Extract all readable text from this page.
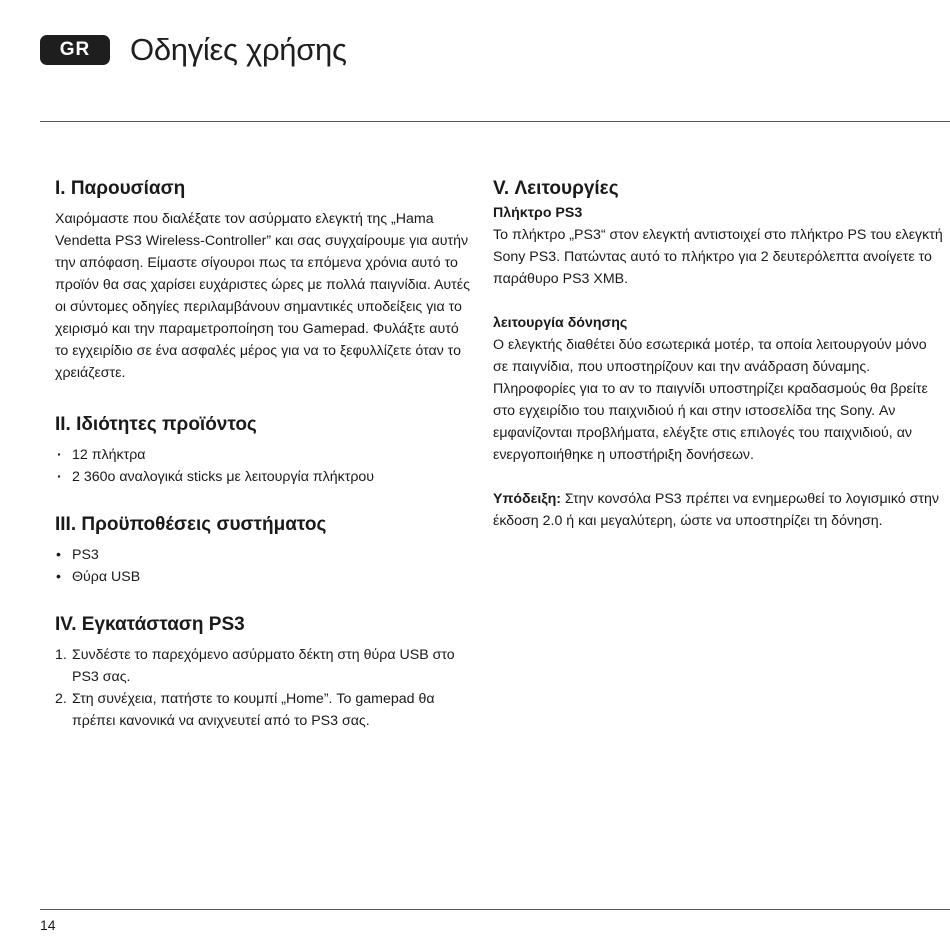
GR	Οδηγίες χρήσης
I. Παρουσίαση

Χαιρόμαστε που διαλέξατε τον ασύρματο ελεγκτή της „Hama Vendetta PS3 Wireless-Controller” και σας συγχαίρουμε για αυτήν την απόφαση. Είμαστε σίγουροι πως τα επόμενα χρόνια αυτό το προϊόν θα σας χαρίσει ευχάριστες ώρες με πολλά παιγνίδια. Αυτές οι σύντομες οδηγίες περιλαμβάνουν σημαντικές υποδείξεις για το χειρισμό και την παραμετροποίηση του Gamepad. Φυλάξτε αυτό το εγχειρίδιο σε ένα ασφαλές μέρος για να το ξεφυλλίζετε όταν το χρειάζεστε.

II. Ιδιότητες προϊόντος
· 12 πλήκτρα
· 2 360o αναλογικά sticks με λειτουργία πλήκτρου
III. Προϋποθέσεις συστήματος
• PS3
• Θύρα USB
IV. Εγκατάσταση PS3
1. Συνδέστε το παρεχόμενο ασύρματο δέκτη στη θύρα USB στο PS3 σας.
2. Στη συνέχεια, πατήστε το κουμπί „Home”. Το gamepad θα πρέπει κανονικά να ανιχνευτεί από το PS3 σας.
V. Λειτουργίες
Πλήκτρο PS3

Το πλήκτρο „PS3“ στον ελεγκτή αντιστοιχεί στο πλήκτρο PS του ελεγκτή Sony PS3. Πατώντας αυτό το πλήκτρο για 2 δευτερόλεπτα ανοίγετε το παράθυρο PS3 XMB.

λειτουργία δόνησης

Ο ελεγκτής διαθέτει δύο εσωτερικά μοτέρ, τα οποία λειτουργούν μόνο σε παιγνίδια, που υποστηρίζουν και την ανάδραση δύναμης. Πληροφορίες για το αν το παιγνίδι υποστηρίζει κραδασμούς θα βρείτε στο εγχειρίδιο του παιχνιδιού ή και στην ιστοσελίδα της Sony. Αν εμφανίζονται προβλήματα, ελέγξτε στις επιλογές του παιχνιδιού, αν ενεργοποιήθηκε η υποστήριξη δονήσεων.

Υπόδειξη: Στην κονσόλα PS3 πρέπει να ενημερωθεί το λογισμικό στην έκδοση 2.0 ή και μεγαλύτερη, ώστε να υποστηρίζει τη δόνηση.

14
